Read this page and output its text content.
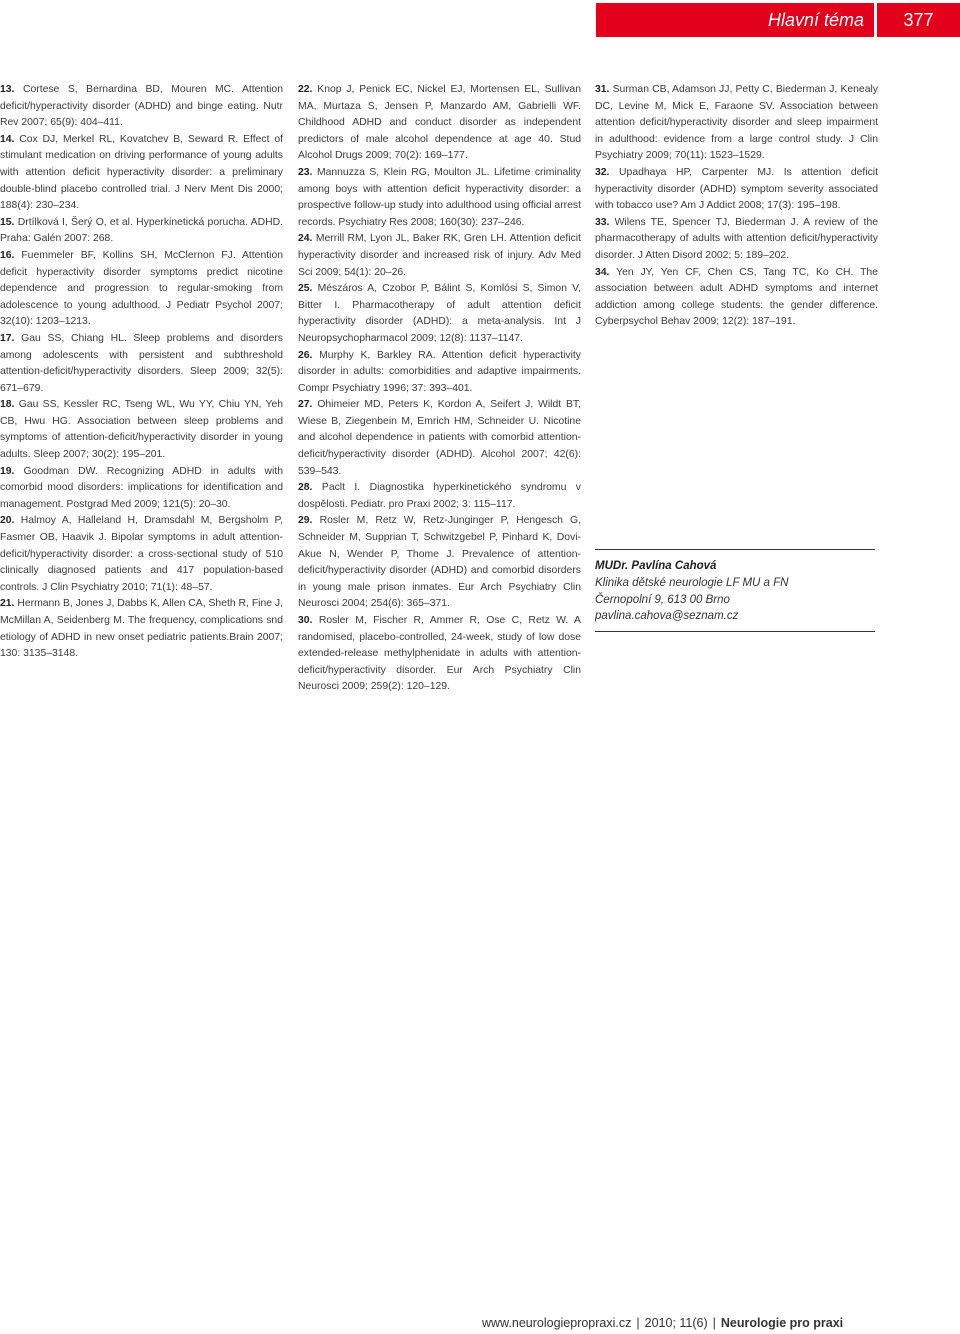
Hlavní téma	377

13. Cortese S, Bernardina BD, Mouren MC. Attention deficit/hyperactivity disorder (ADHD) and binge eating. Nutr Rev 2007; 65(9): 404–411.

14. Cox DJ, Merkel RL, Kovatchev B, Seward R. Effect of stimulant medication on driving performance of young adults with attention deficit hyperactivity disorder: a preliminary double-blind placebo controlled trial. J Nerv Ment Dis 2000; 188(4): 230–234.

15. Drtílková I, Šerý O, et al. Hyperkinetická porucha. ADHD. Praha: Galén 2007: 268.

16. Fuemmeler BF, Kollins SH, McClernon FJ. Attention deficit hyperactivity disorder symptoms predict nicotine dependence and progression to regular-smoking from adolescence to young adulthood. J Pediatr Psychol 2007; 32(10): 1203–1213.

17. Gau SS, Chiang HL. Sleep problems and disorders among adolescents with persistent and subthreshold attention-deficit/hyperactivity disorders. Sleep 2009; 32(5): 671–679.

18. Gau SS, Kessler RC, Tseng WL, Wu YY, Chiu YN, Yeh CB, Hwu HG. Association between sleep problems and symptoms of attention-deficit/hyperactivity disorder in young adults. Sleep 2007; 30(2): 195–201.

19. Goodman DW. Recognizing ADHD in adults with comorbid mood disorders: implications for identification and management. Postgrad Med 2009; 121(5): 20–30.

20. Halmoy A, Halleland H, Dramsdahl M, Bergsholm P, Fasmer OB, Haavik J. Bipolar symptoms in adult attention-deficit/hyperactivity disorder: a cross-sectional study of 510 clinically diagnosed patients and 417 population-based controls. J Clin Psychiatry 2010; 71(1): 48–57.

21. Hermann B, Jones J, Dabbs K, Allen CA, Sheth R, Fine J, McMillan A, Seidenberg M. The frequency, complications snd etiology of ADHD in new onset pediatric patients.Brain 2007; 130: 3135–3148.

22. Knop J, Penick EC, Nickel EJ, Mortensen EL, Sullivan MA, Murtaza S, Jensen P, Manzardo AM, Gabrielli WF. Childhood ADHD and conduct disorder as independent predictors of male alcohol dependence at age 40. Stud Alcohol Drugs 2009; 70(2): 169–177.

23. Mannuzza S, Klein RG, Moulton JL. Lifetime criminality among boys with attention deficit hyperactivity disorder: a prospective follow-up study into adulthood using official arrest records. Psychiatry Res 2008; 160(30): 237–246.

24. Merrill RM, Lyon JL, Baker RK, Gren LH. Attention deficit hyperactivity disorder and increased risk of injury. Adv Med Sci 2009; 54(1): 20–26.

25. Mészáros A, Czobor P, Bálint S, Komlósi S, Simon V, Bitter I. Pharmacotherapy of adult attention deficit hyperactivity disorder (ADHD): a meta-analysis. Int J Neuropsychopharmacol 2009; 12(8): 1137–1147.

26. Murphy K, Barkley RA. Attention deficit hyperactivity disorder in adults: comorbidities and adaptive impairments. Compr Psychiatry 1996; 37: 393–401.

27. Ohimeier MD, Peters K, Kordon A, Seifert J, Wildt BT, Wiese B, Ziegenbein M, Emrich HM, Schneider U. Nicotine and alcohol dependence in patients with comorbid attention-deficit/hyperactivity disorder (ADHD). Alcohol 2007; 42(6): 539–543.

28. Paclt I. Diagnostika hyperkinetického syndromu v dospělosti. Pediatr. pro Praxi 2002; 3: 115–117.

29. Rosler M, Retz W, Retz-Junginger P, Hengesch G, Schneider M, Supprian T, Schwitzgebel P, Pinhard K, Dovi-Akue N, Wender P, Thome J. Prevalence of attention-deficit/hyperactivity disorder (ADHD) and comorbid disorders in young male prison inmates. Eur Arch Psychiatry Clin Neurosci 2004; 254(6): 365–371.

30. Rosler M, Fischer R, Ammer R, Ose C, Retz W. A randomised, placebo-controlled, 24-week, study of low dose extended-release methylphenidate in adults with attention-deficit/hyperactivity disorder. Eur Arch Psychiatry Clin Neurosci 2009; 259(2): 120–129.

31. Surman CB, Adamson JJ, Petty C, Biederman J, Kenealy DC, Levine M, Mick E, Faraone SV. Association between attention deficit/hyperactivity disorder and sleep impairment in adulthood: evidence from a large control study. J Clin Psychiatry 2009; 70(11): 1523–1529.

32. Upadhaya HP, Carpenter MJ. Is attention deficit hyperactivity disorder (ADHD) symptom severity associated with tobacco use? Am J Addict 2008; 17(3): 195–198.

33. Wilens TE, Spencer TJ, Biederman J. A review of the pharmacotherapy of adults with attention deficit/hyperactivity disorder. J Atten Disord 2002; 5: 189–202.

34. Yen JY, Yen CF, Chen CS, Tang TC, Ko CH. The association between adult ADHD symptoms and internet addiction among college students: the gender difference. Cyberpsychol Behav 2009; 12(2): 187–191.

MUDr. Pavlína Cahová
Klinika dětské neurologie LF MU a FN
Černopolní 9, 613 00 Brno
pavlina.cahova@seznam.cz
www.neurologiepropraxi.cz | 2010; 11(6) | Neurologie pro praxi
